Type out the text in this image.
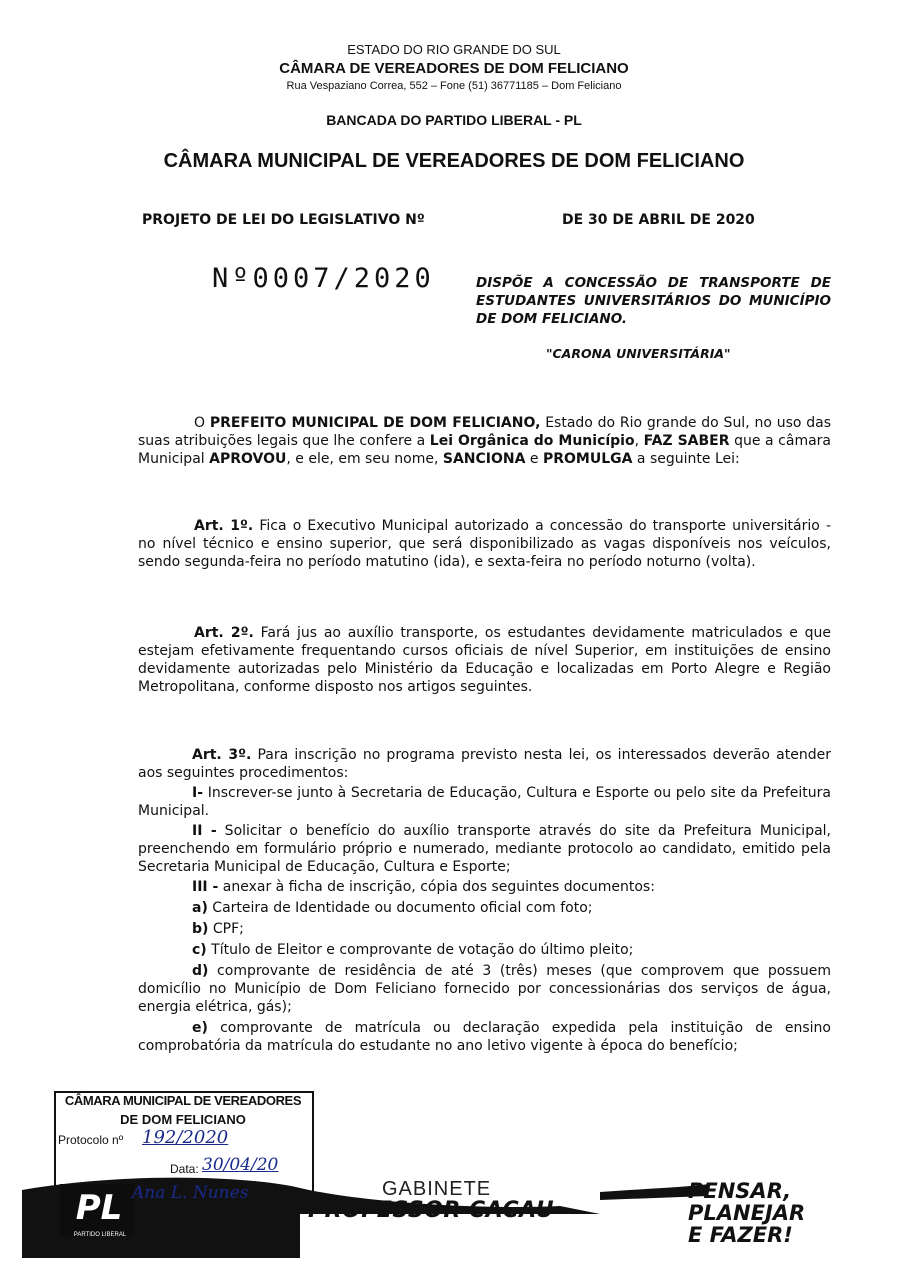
ESTADO DO RIO GRANDE DO SUL
CÂMARA DE VEREADORES DE DOM FELICIANO
Rua Vespaziano Correa, 552 – Fone (51) 36771185 – Dom Feliciano
BANCADA DO PARTIDO LIBERAL - PL
CÂMARA MUNICIPAL DE VEREADORES DE DOM FELICIANO
PROJETO DE LEI DO LEGISLATIVO Nº	DE 30 DE ABRIL DE 2020
Nº0007/2020	DISPÕE A CONCESSÃO DE TRANSPORTE DE ESTUDANTES UNIVERSITÁRIOS DO MUNICÍPIO DE DOM FELICIANO.
"CARONA UNIVERSITÁRIA"
O PREFEITO MUNICIPAL DE DOM FELICIANO, Estado do Rio grande do Sul, no uso das suas atribuições legais que lhe confere a Lei Orgânica do Município, FAZ SABER que a câmara Municipal APROVOU, e ele, em seu nome, SANCIONA e PROMULGA a seguinte Lei:
Art. 1º. Fica o Executivo Municipal autorizado a concessão do transporte universitário - no nível técnico e ensino superior, que será disponibilizado as vagas disponíveis nos veículos, sendo segunda-feira no período matutino (ida), e sexta-feira no período noturno (volta).
Art. 2º. Fará jus ao auxílio transporte, os estudantes devidamente matriculados e que estejam efetivamente frequentando cursos oficiais de nível Superior, em instituições de ensino devidamente autorizadas pelo Ministério da Educação e localizadas em Porto Alegre e Região Metropolitana, conforme disposto nos artigos seguintes.
Art. 3º. Para inscrição no programa previsto nesta lei, os interessados deverão atender aos seguintes procedimentos:
I- Inscrever-se junto à Secretaria de Educação, Cultura e Esporte ou pelo site da Prefeitura Municipal.
II - Solicitar o benefício do auxílio transporte através do site da Prefeitura Municipal, preenchendo em formulário próprio e numerado, mediante protocolo ao candidato, emitido pela Secretaria Municipal de Educação, Cultura e Esporte;
III - anexar à ficha de inscrição, cópia dos seguintes documentos:
a) Carteira de Identidade ou documento oficial com foto;
b) CPF;
c) Título de Eleitor e comprovante de votação do último pleito;
d) comprovante de residência de até 3 (três) meses (que comprovem que possuem domicílio no Município de Dom Feliciano fornecido por concessionárias dos serviços de água, energia elétrica, gás);
e) comprovante de matrícula ou declaração expedida pela instituição de ensino comprobatória da matrícula do estudante no ano letivo vigente à época do benefício;
PL
PARTIDO LIBERAL
CÂMARA MUNICIPAL DE VEREADORES
DE DOM FELICIANO
Protocolo nº 192/2020
Data: 30/04/20
Ana L. Nunes	GABINETE
PROFESSOR CACAU
PENSAR,
PLANEJAR
E FAZER!
